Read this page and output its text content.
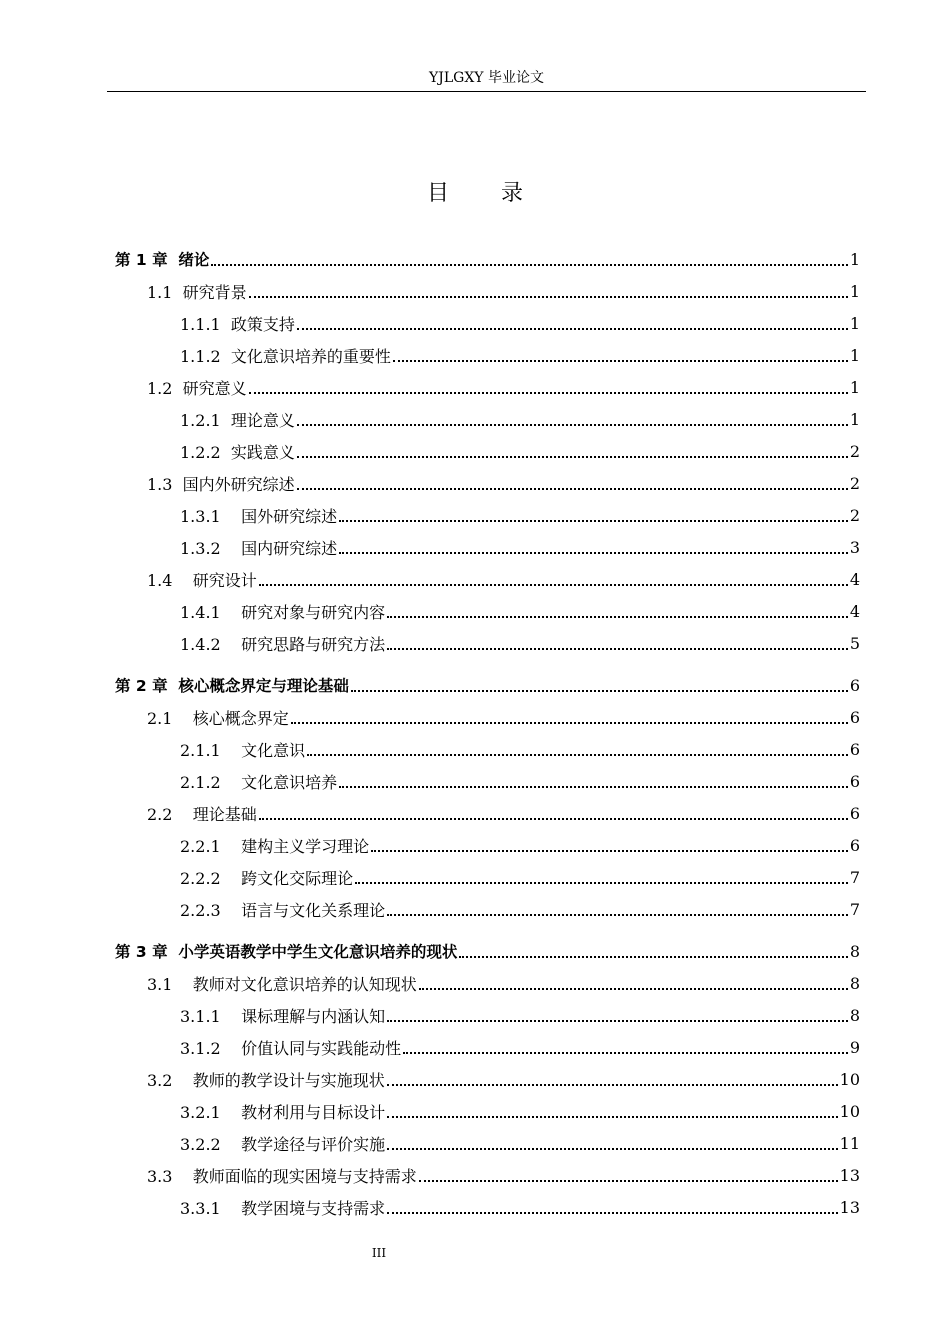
YJLGXY 毕业论文
目 录
第 1 章 绪论	1
1.1 研究背景	1
1.1.1 政策支持	1
1.1.2 文化意识培养的重要性	1
1.2 研究意义	1
1.2.1 理论意义	1
1.2.2 实践意义	2
1.3 国内外研究综述	2
1.3.1 国外研究综述	2
1.3.2 国内研究综述	3
1.4 研究设计	4
1.4.1 研究对象与研究内容	4
1.4.2 研究思路与研究方法	5
第 2 章 核心概念界定与理论基础	6
2.1 核心概念界定	6
2.1.1 文化意识	6
2.1.2 文化意识培养	6
2.2 理论基础	6
2.2.1 建构主义学习理论	6
2.2.2 跨文化交际理论	7
2.2.3 语言与文化关系理论	7
第 3 章 小学英语教学中学生文化意识培养的现状	8
3.1 教师对文化意识培养的认知现状	8
3.1.1 课标理解与内涵认知	8
3.1.2 价值认同与实践能动性	9
3.2 教师的教学设计与实施现状	10
3.2.1 教材利用与目标设计	10
3.2.2 教学途径与评价实施	11
3.3 教师面临的现实困境与支持需求	13
3.3.1 教学困境与支持需求	13
III
